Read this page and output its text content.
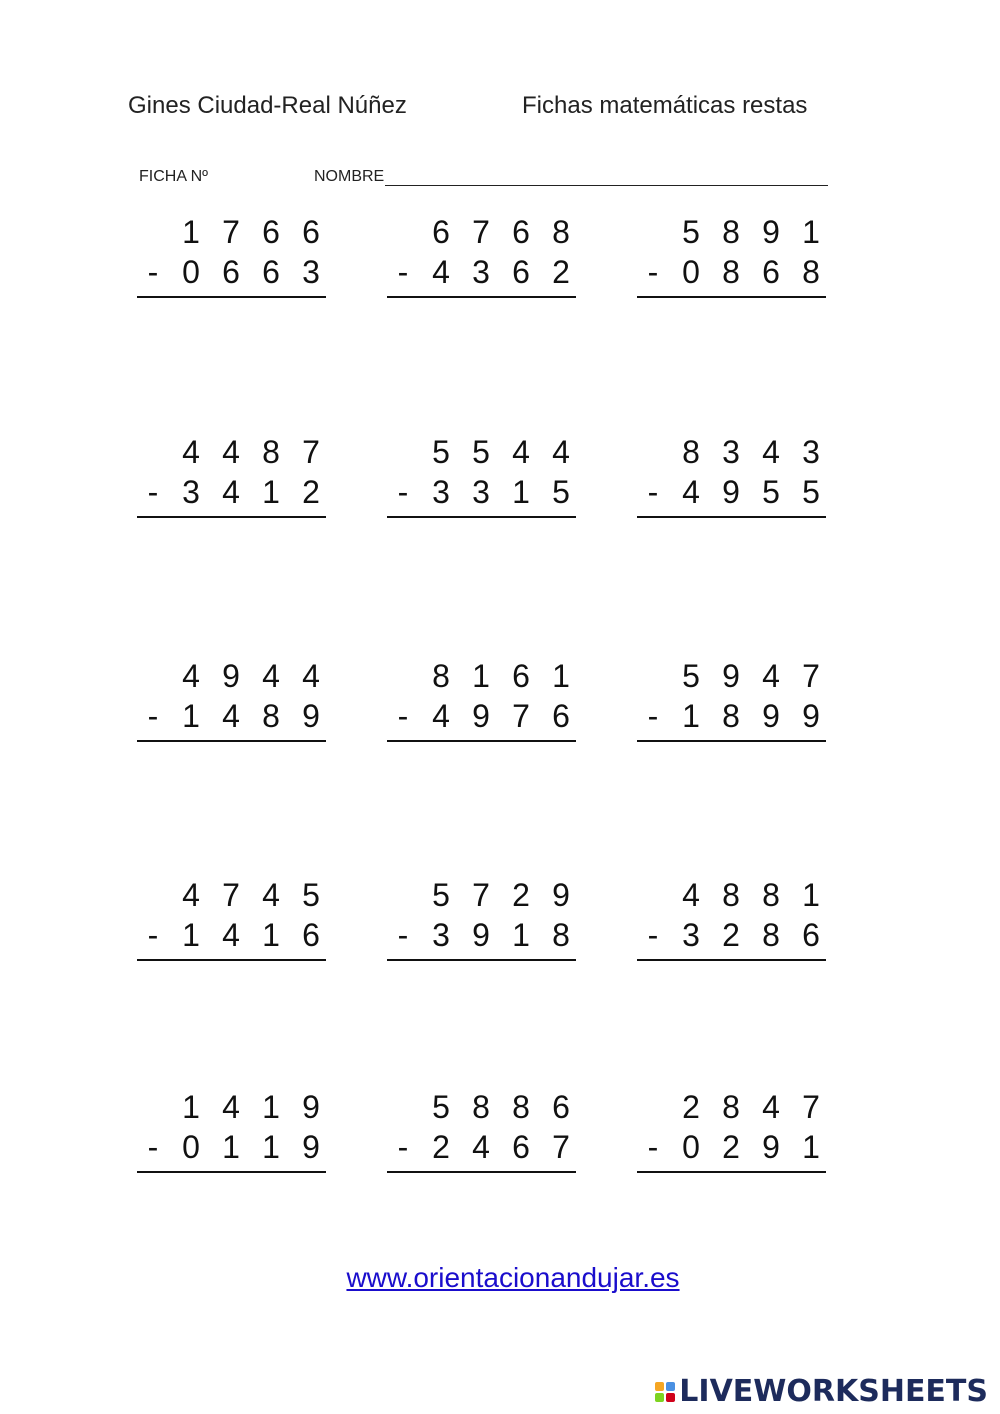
Gines Ciudad-Real Núñez	Fichas matemáticas restas
FICHA Nº	NOMBRE
1 7 6 6
- 0 6 6 3
6 7 6 8
- 4 3 6 2
5 8 9 1
- 0 8 6 8
4 4 8 7
- 3 4 1 2
5 5 4 4
- 3 3 1 5
8 3 4 3
- 4 9 5 5
4 9 4 4
- 1 4 8 9
8 1 6 1
- 4 9 7 6
5 9 4 7
- 1 8 9 9
4 7 4 5
- 1 4 1 6
5 7 2 9
- 3 9 1 8
4 8 8 1
- 3 2 8 6
1 4 1 9
- 0 1 1 9
5 8 8 6
- 2 4 6 7
2 8 4 7
- 0 2 9 1
www.orientacionandujar.es
LIVEWORKSHEETS
